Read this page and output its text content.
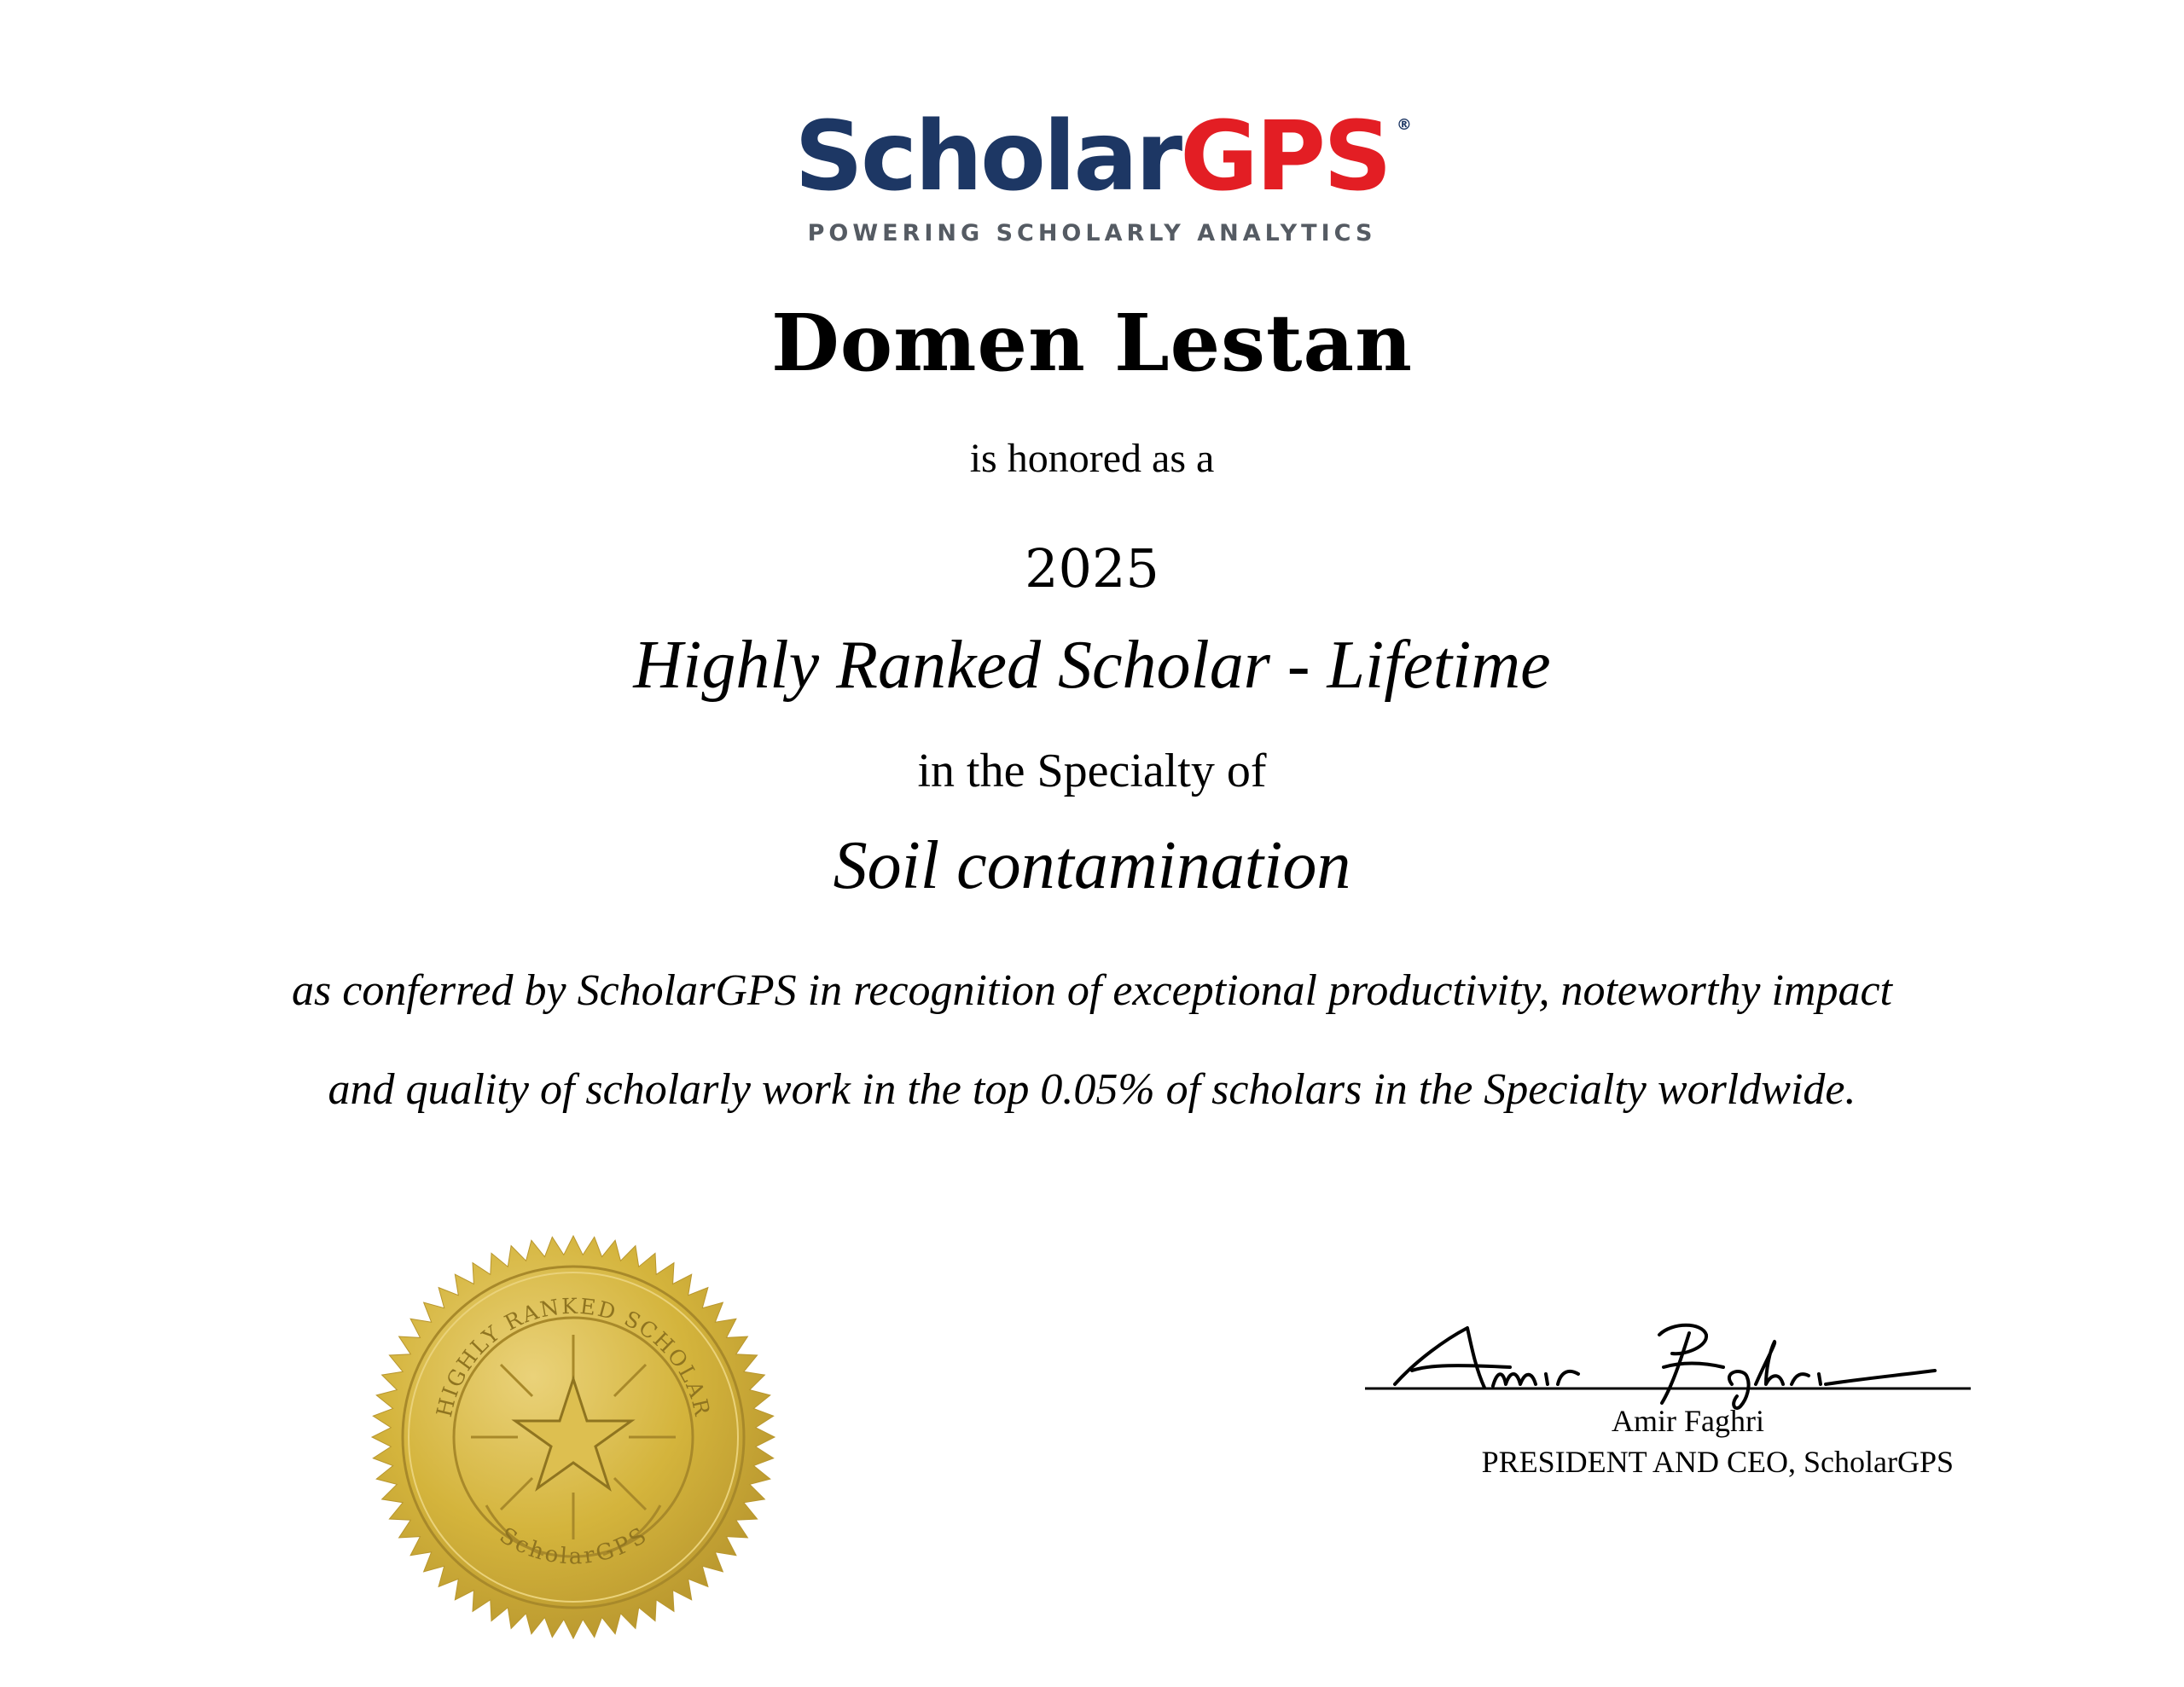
ScholarGPS ®
POWERING SCHOLARLY ANALYTICS
Domen Lestan
is honored as a
2025
Highly Ranked Scholar - Lifetime
in the Specialty of
Soil contamination
as conferred by ScholarGPS in recognition of exceptional productivity, noteworthy impact
and quality of scholarly work in the top 0.05% of scholars in the Specialty worldwide.
HIGHLY RANKED SCHOLAR
ScholarGPS
Amir Faghri
PRESIDENT AND CEO, ScholarGPS
